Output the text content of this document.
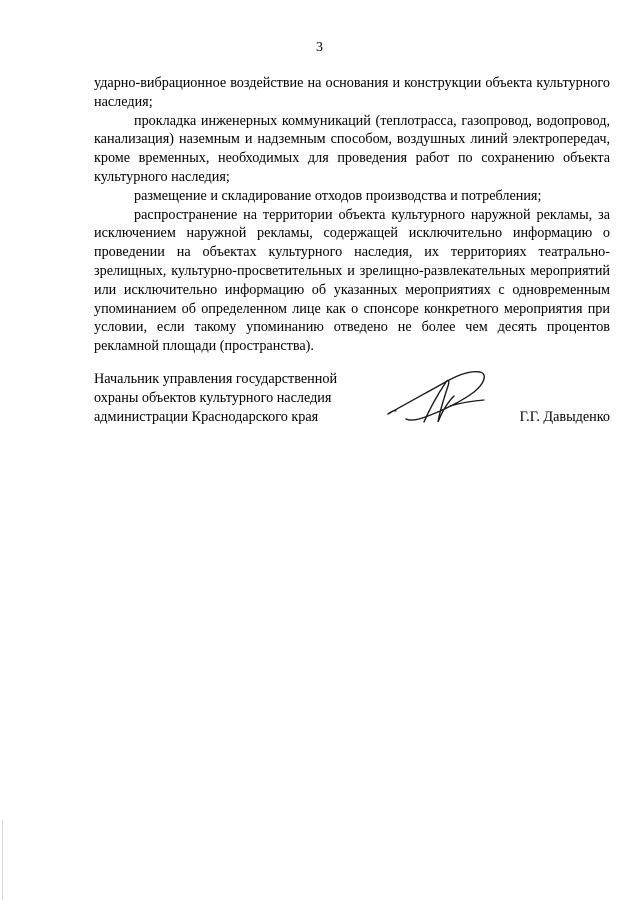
3

ударно-вибрационное воздействие на основания и конструкции объекта культурного наследия;

прокладка инженерных коммуникаций (теплотрасса, газопровод, водопровод, канализация) наземным и надземным способом, воздушных линий электропередач, кроме временных, необходимых для проведения работ по сохранению объекта культурного наследия;

размещение и складирование отходов производства и потребления;

распространение на территории объекта культурного наружной рекламы, за исключением наружной рекламы, содержащей исключительно информацию о проведении на объектах культурного наследия, их территориях театрально-зрелищных, культурно-просветительных и зрелищно-развлекательных мероприятий или исключительно информацию об указанных мероприятиях с одновременным упоминанием об определенном лице как о спонсоре конкретного мероприятия при условии, если такому упоминанию отведено не более чем десять процентов рекламной площади (пространства).

Начальник управления государственной
охраны объектов культурного наследия
администрации Краснодарского края	Г.Г. Давыденко
